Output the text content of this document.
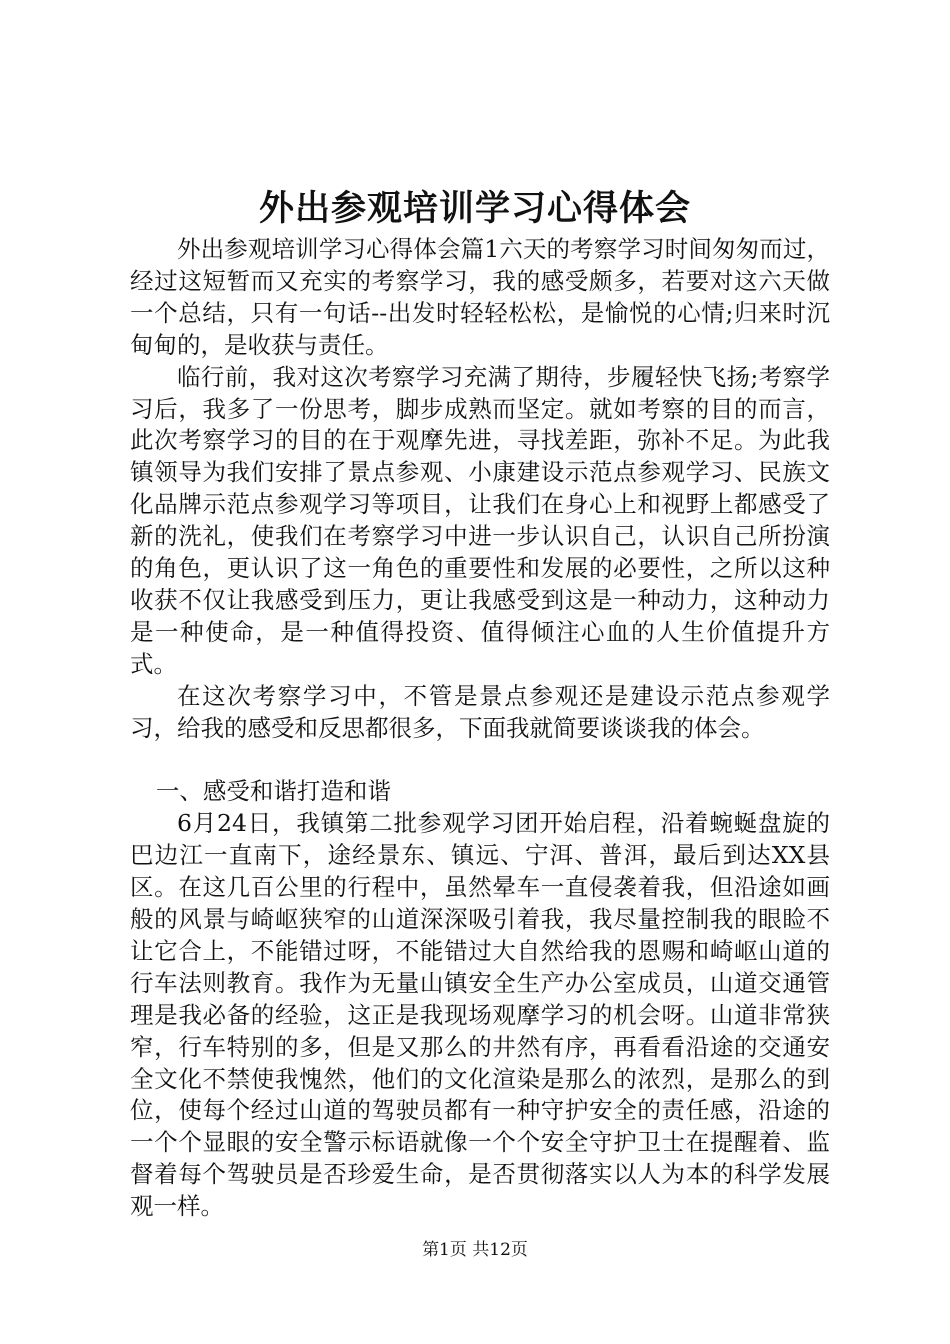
外出参观培训学习心得体会

外出参观培训学习心得体会篇1六天的考察学习时间匆匆而过，经过这短暂而又充实的考察学习，我的感受颇多，若要对这六天做一个总结，只有一句话--出发时轻轻松松，是愉悦的心情;归来时沉甸甸的，是收获与责任。

临行前，我对这次考察学习充满了期待，步履轻快飞扬;考察学习后，我多了一份思考，脚步成熟而坚定。就如考察的目的而言，此次考察学习的目的在于观摩先进，寻找差距，弥补不足。为此我镇领导为我们安排了景点参观、小康建设示范点参观学习、民族文化品牌示范点参观学习等项目，让我们在身心上和视野上都感受了新的洗礼，使我们在考察学习中进一步认识自己，认识自己所扮演的角色，更认识了这一角色的重要性和发展的必要性，之所以这种收获不仅让我感受到压力，更让我感受到这是一种动力，这种动力是一种使命，是一种值得投资、值得倾注心血的人生价值提升方式。

在这次考察学习中，不管是景点参观还是建设示范点参观学习，给我的感受和反思都很多，下面我就简要谈谈我的体会。

一、感受和谐打造和谐

6月24日，我镇第二批参观学习团开始启程，沿着蜿蜒盘旋的巴边江一直南下，途经景东、镇远、宁洱、普洱，最后到达XX县区。在这几百公里的行程中，虽然晕车一直侵袭着我，但沿途如画般的风景与崎岖狭窄的山道深深吸引着我，我尽量控制我的眼睑不让它合上，不能错过呀，不能错过大自然给我的恩赐和崎岖山道的行车法则教育。我作为无量山镇安全生产办公室成员，山道交通管理是我必备的经验，这正是我现场观摩学习的机会呀。山道非常狭窄，行车特别的多，但是又那么的井然有序，再看看沿途的交通安全文化不禁使我愧然，他们的文化渲染是那么的浓烈，是那么的到位，使每个经过山道的驾驶员都有一种守护安全的责任感，沿途的一个个显眼的安全警示标语就像一个个安全守护卫士在提醒着、监督着每个驾驶员是否珍爱生命，是否贯彻落实以人为本的科学发展观一样。

第1页 共12页
